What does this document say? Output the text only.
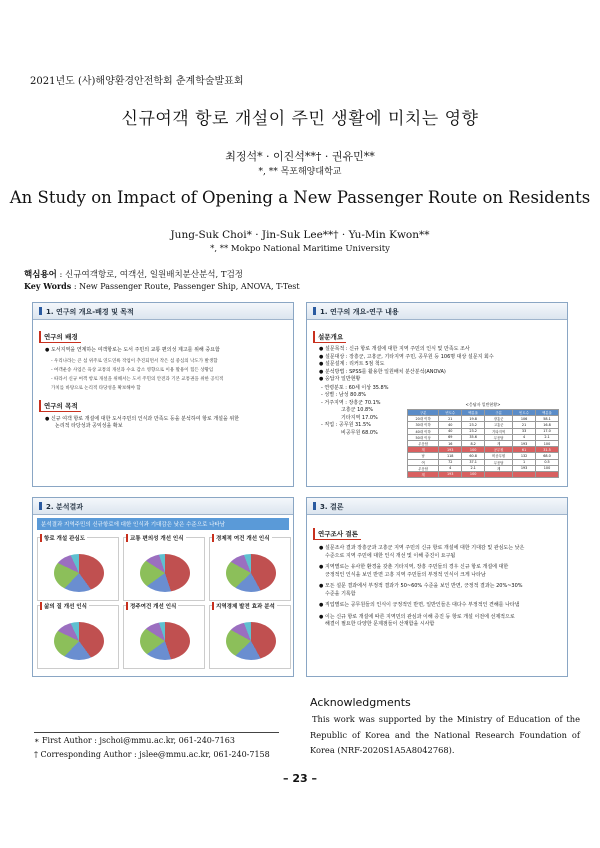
2021년도 (사)해양환경안전학회 춘계학술발표회
신규여객 항로 개설이 주민 생활에 미치는 영향
최정석* · 이진석**† · 권유민**
*, ** 목포해양대학교
An Study on Impact of Opening a New Passenger Route on Residents
Jung-Suk Choi* · Jin-Suk Lee**† · Yu-Min Kwon**
*, ** Mokpo National Maritime University
핵심용어 : 신규여객항로, 여객선, 일원배치분산분석, T검정
Key Words : New Passenger Route, Passenger Ship, ANOVA, T-Test
1. 연구의 개요-배경 및 목적
연구의 배경
● 도서지역을 연계하는 여객항로는 도서 주민의 교통 편의성 제고를 위해 중요함
- 우리나라는 큰 섬 위주로 연도연륙 작업이 추진되면서 작은 섬 중심의 낙도가 발생함
- 여객운송 사업은 육상 교통의 개선과 수요 감소 영향으로 이용 활용이 힘든 상황임
- 따라서 신규 여객 항로 개설을 위해서는 도서 주민의 안전과 기본 교통권을 위한 공익적
가치를 바탕으로 논리적 타당성을 확보해야 함
연구의 목적
● 신규 여객 항로 개설에 대한 도서주민의 인식과 만족도 등을 분석하여 항로 개설을 위한
논리적 타당성과 공익성을 확보
1. 연구의 개요-연구 내용
설문개요
● 설문목적 : 신규 항로 개설에 대한 지역 주민의 인식 및 만족도 조사
● 설문대상 : 장흥군, 고흥군, 기타지역 주민, 공무원 등 106명 대상 설문지 회수
● 설문설계 : 리커트 5점 척도
● 분석방법 : SPSS를 활용한 일원배치 분산분석(ANOVA)
● 응답자 일반현황
- 연령분포 : 60세 이상 35.8%
- 성별 : 남성 80.8%
- 거주지역 : 장흥군 70.1%
고흥군 10.8%
기타지역 17.0%
- 직업 : 공무원 31.5%
비공무원 68.0%
<응답자 일반현황>
구분	빈도수	백분율	구분	빈도수	백분율
20대 이하	21	19.8	장흥군	106	58.1
30대 이하	40	23.2	고흥군	21	16.8
40대 이하	40	23.2	기타지역	33	17.0
50대 이상	69	35.6	무응답	4	2.1
무응답	16	8.2	계	193	100
계	193	100	공무원	61	31.5
남	118	60.8	비공무원	132	68.0
여	72	37.1	무응답	1	0.5
무응답	4	2.1	계	193	100
계	193	100			
2. 분석결과
분석결과 지역주민의 신규항로에 대한 인식과 기대감은 낮은 수준으로 나타남
항로 개설 관심도	교통 편의성 개선 인식	경제적 여건 개선 인식
삶의 질 개선 인식	정주여건 개선 인식	지역경제 발전 효과 분석
3. 결론
연구조사 결론
● 설문조사 결과 장흥군과 고흥군 지역 주민의 신규 항로 개설에 대한 기대감 및 관심도는 낮은
수준으로 지역 주민에 대한 인식 개선 및 이해 증진이 요구됨
● 지역별로는 유사한 환경을 갖춘 기타지역, 장흥 주민들의 경우 신규 항로 개설에 대한
긍정적인 인식을 보인 반면 고흥 지역 주민들의 부정적 인식이 크게 나타남
● 모든 설문 결과에서 부정적 결과가 50~60% 수준을 보인 반면, 긍정적 결과는 20%~30%
수준을 기록함
● 직업별로는 공무원들의 인식이 긍정적인 반면, 일반인들은 대다수 부정적인 견해를 나타냄
● 이는 신규 항로 개설에 따른 지역민의 관심과 이해 증진 등 항로 개설 이전에 선제적으로
해결이 필요한 다양한 문제점들이 산재함을 시사함
Acknowledgments
This work was supported by the Ministry of Education of the Republic of Korea and the National Research Foundation of Korea (NRF-2020S1A5A8042768).
∗ First Author : jschoi@mmu.ac.kr, 061-240-7163
† Corresponding Author : jslee@mmu.ac.kr, 061-240-7158
– 23 –
